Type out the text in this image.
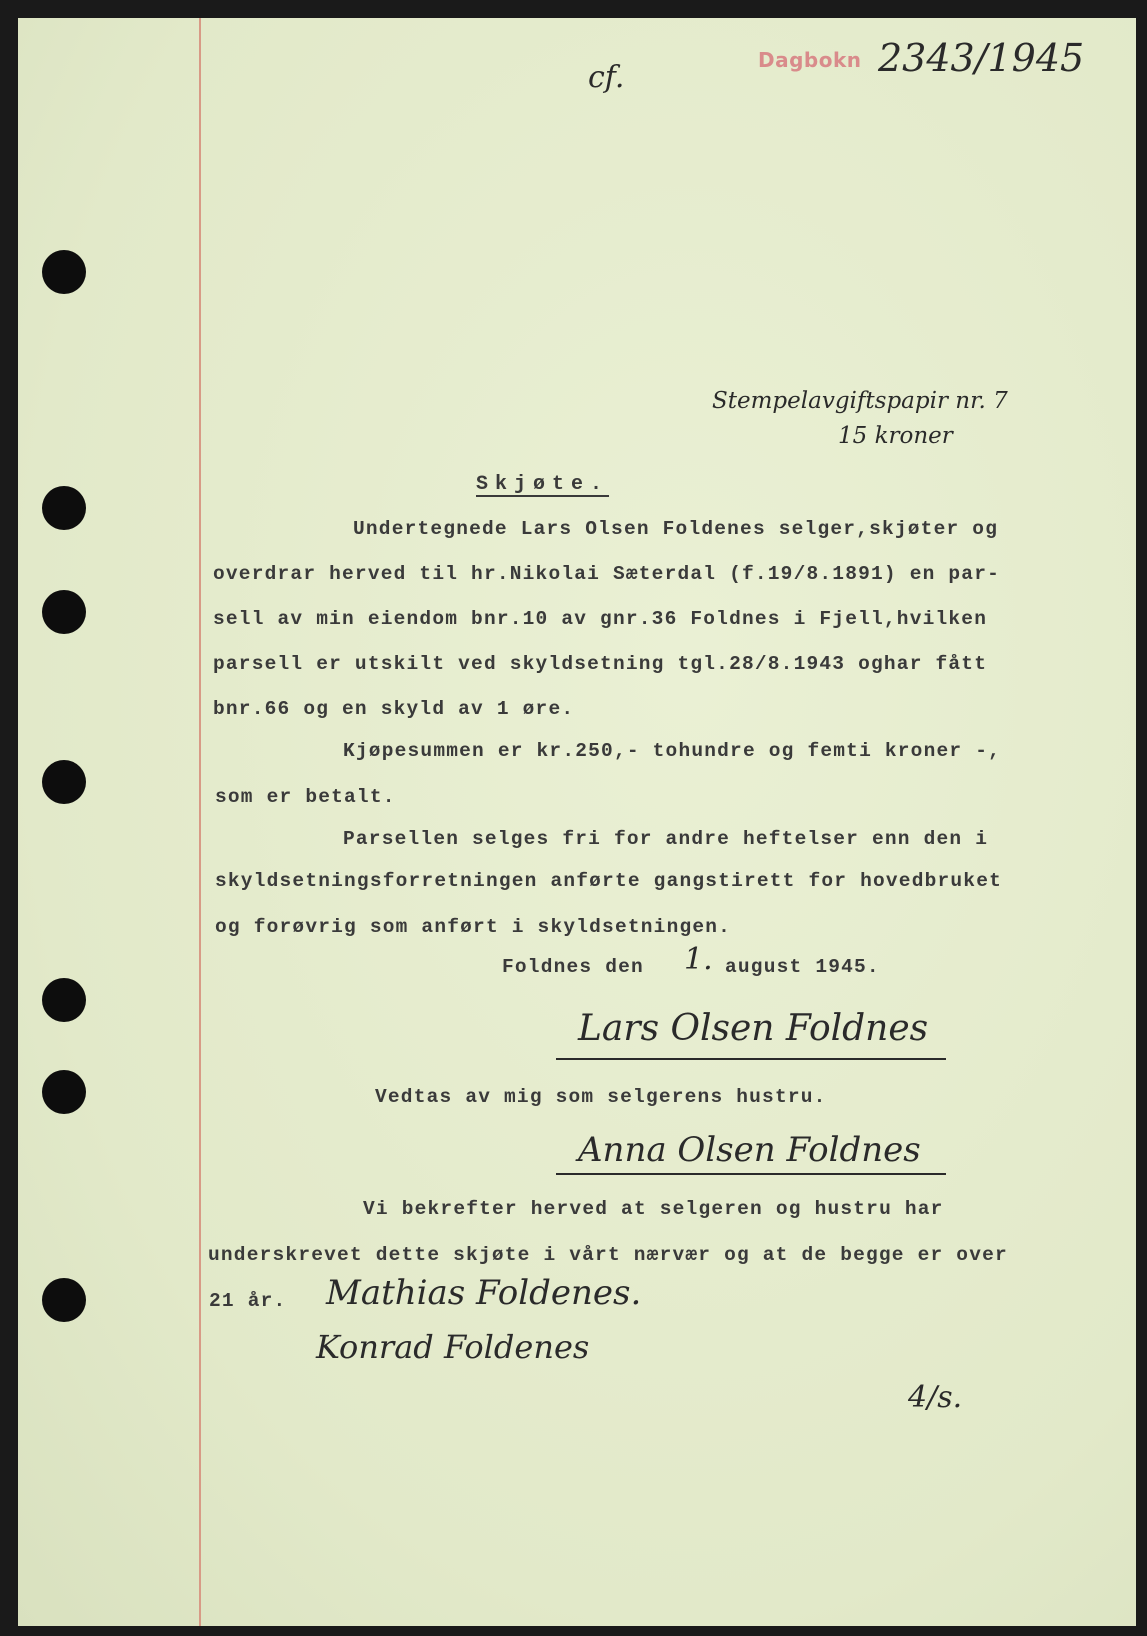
Dagbokn 2343/1945
cf.
Stempelavgiftspapir nr. 7
15 kroner
Skjøte.
Undertegnede Lars Olsen Foldenes selger,skjøter og
overdrar herved til hr.Nikolai Sæterdal (f.19/8.1891) en par-
sell av min eiendom bnr.10 av gnr.36 Foldnes i Fjell,hvilken
parsell er utskilt ved skyldsetning tgl.28/8.1943 oghar fått
bnr.66 og en skyld av 1 øre.
Kjøpesummen er kr.250,- tohundre og femti kroner -,
som er betalt.
Parsellen selges fri for andre heftelser enn den i
skyldsetningsforretningen anførte gangstirett for hovedbruket
og forøvrig som anført i skyldsetningen.
Foldnes den 1. august 1945.
Lars Olsen Foldnes
Vedtas av mig som selgerens hustru.
Anna Olsen Foldnes
Vi bekrefter herved at selgeren og hustru har
underskrevet dette skjøte i vårt nærvær og at de begge er over
21 år. Mathias Foldenes.
Konrad Foldenes
4/s.
